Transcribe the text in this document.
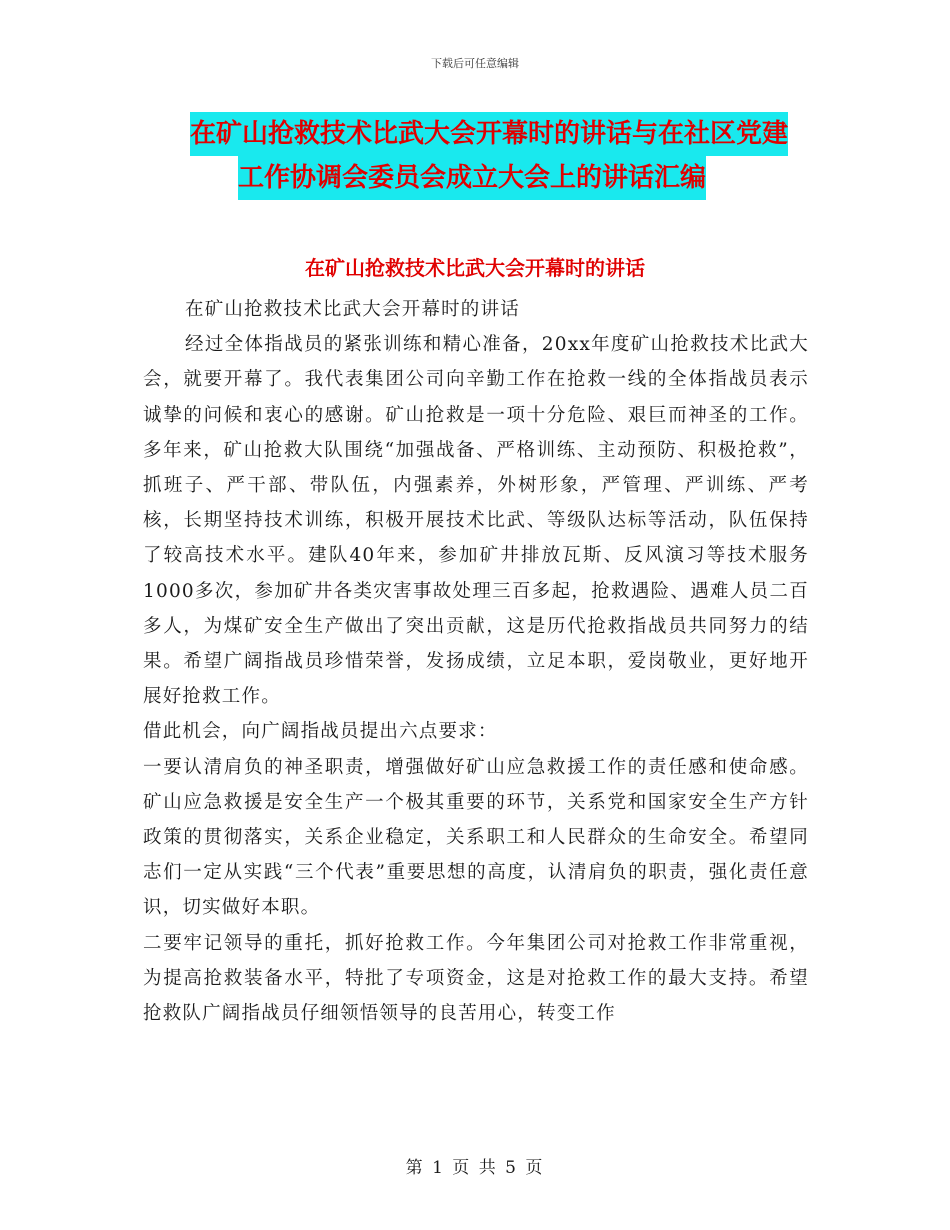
下载后可任意编辑
在矿山抢救技术比武大会开幕时的讲话与在社区党建
工作协调会委员会成立大会上的讲话汇编
在矿山抢救技术比武大会开幕时的讲话

在矿山抢救技术比武大会开幕时的讲话

经过全体指战员的紧张训练和精心准备，20xx年度矿山抢救技术比武大会，就要开幕了。我代表集团公司向辛勤工作在抢救一线的全体指战员表示诚挚的问候和衷心的感谢。矿山抢救是一项十分危险、艰巨而神圣的工作。多年来，矿山抢救大队围绕“加强战备、严格训练、主动预防、积极抢救”，抓班子、严干部、带队伍，内强素养，外树形象，严管理、严训练、严考核，长期坚持技术训练，积极开展技术比武、等级队达标等活动，队伍保持了较高技术水平。建队40年来，参加矿井排放瓦斯、反风演习等技术服务1000多次，参加矿井各类灾害事故处理三百多起，抢救遇险、遇难人员二百多人，为煤矿安全生产做出了突出贡献，这是历代抢救指战员共同努力的结果。希望广阔指战员珍惜荣誉，发扬成绩，立足本职，爱岗敬业，更好地开展好抢救工作。

借此机会，向广阔指战员提出六点要求：

一要认清肩负的神圣职责，增强做好矿山应急救援工作的责任感和使命感。矿山应急救援是安全生产一个极其重要的环节，关系党和国家安全生产方针政策的贯彻落实，关系企业稳定，关系职工和人民群众的生命安全。希望同志们一定从实践“三个代表”重要思想的高度，认清肩负的职责，强化责任意识，切实做好本职。

二要牢记领导的重托，抓好抢救工作。今年集团公司对抢救工作非常重视，为提高抢救装备水平，特批了专项资金，这是对抢救工作的最大支持。希望抢救队广阔指战员仔细领悟领导的良苦用心，转变工作

第 1 页 共 5 页
